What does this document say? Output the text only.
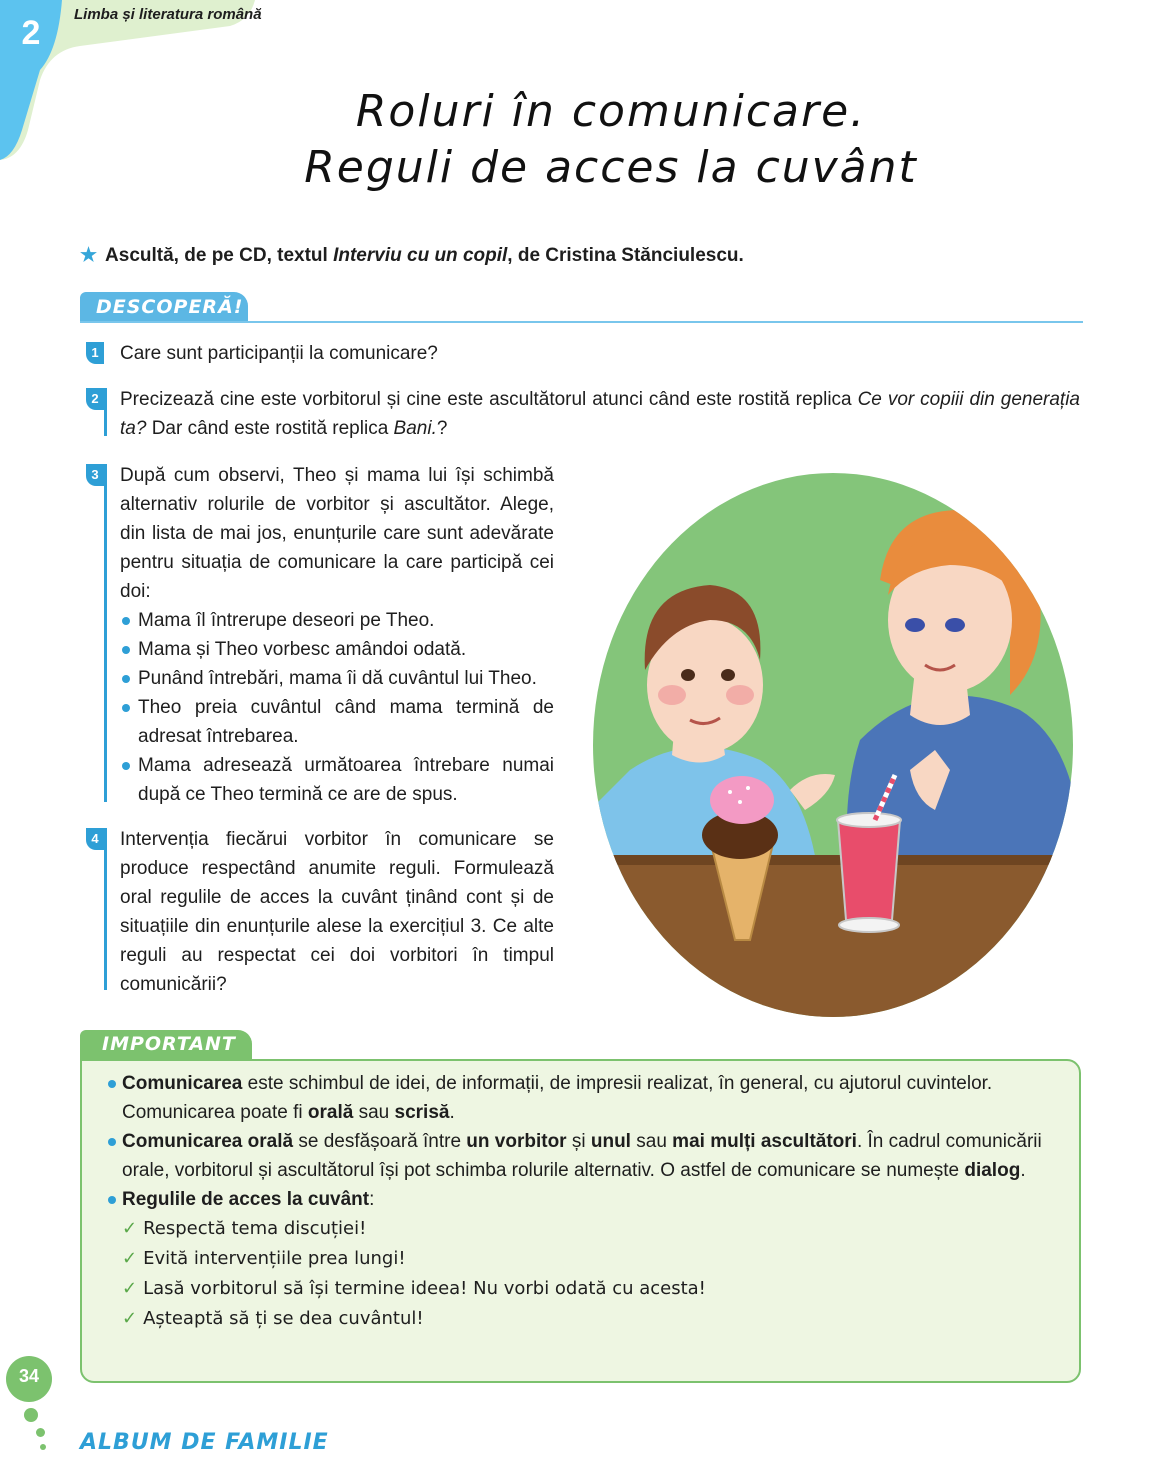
2	Limba și literatura română
Roluri în comunicare.
Reguli de acces la cuvânt
★ Ascultă, de pe CD, textul Interviu cu un copil, de Cristina Stănciulescu.
DESCOPERĂ!
1 Care sunt participanții la comunicare?
2 Precizează cine este vorbitorul și cine este ascultătorul atunci când este rostită replica Ce vor copiii din generația ta? Dar când este rostită replica Bani.?
3 După cum observi, Theo și mama lui își schimbă alternativ rolurile de vorbitor și ascultător. Alege, din lista de mai jos, enunțurile care sunt adevărate pentru situația de comunicare la care participă cei doi:
Mama îl întrerupe deseori pe Theo.
Mama și Theo vorbesc amândoi odată.
Punând întrebări, mama îi dă cuvântul lui Theo.
Theo preia cuvântul când mama termină de adresat întrebarea.
Mama adresează următoarea întrebare numai după ce Theo termină ce are de spus.
4 Intervenția fiecărui vorbitor în comunicare se produce respectând anumite reguli. Formulează oral regulile de acces la cuvânt ținând cont și de situațiile din enunțurile alese la exercițiul 3. Ce alte reguli au respectat cei doi vorbitori în timpul comunicării?
IMPORTANT
Comunicarea este schimbul de idei, de informații, de impresii realizat, în general, cu ajutorul cuvintelor. Comunicarea poate fi orală sau scrisă.
Comunicarea orală se desfășoară între un vorbitor și unul sau mai mulți ascultători. În cadrul comunicării orale, vorbitorul și ascultătorul își pot schimba rolurile alternativ. O astfel de comunicare se numește dialog.
Regulile de acces la cuvânt:
✓ Respectă tema discuției!
✓ Evită intervențiile prea lungi!
✓ Lasă vorbitorul să își termine ideea! Nu vorbi odată cu acesta!
✓ Așteaptă să ți se dea cuvântul!
34
ALBUM DE FAMILIE
